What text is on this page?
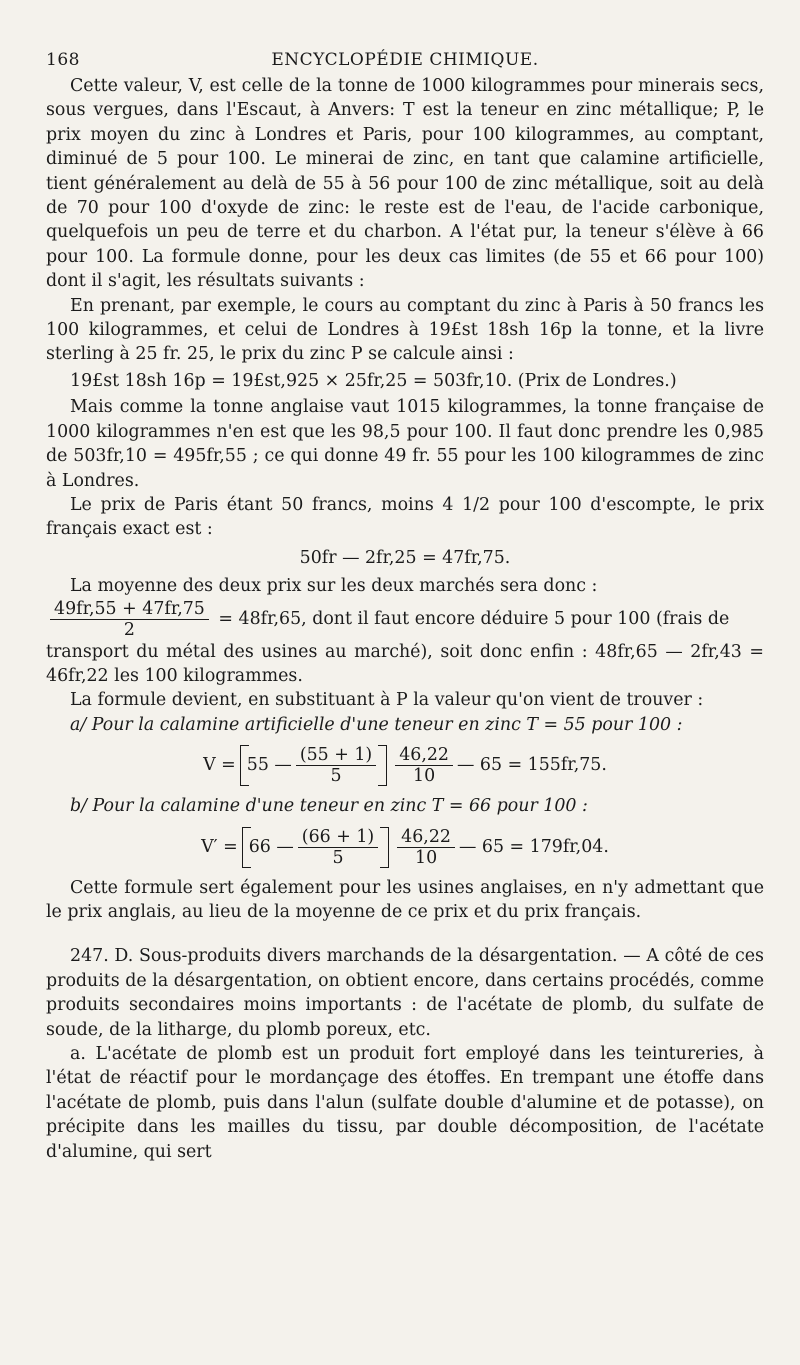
168	ENCYCLOPÉDIE CHIMIQUE.

Cette valeur, V, est celle de la tonne de 1000 kilogrammes pour minerais secs, sous vergues, dans l'Escaut, à Anvers: T est la teneur en zinc métallique; P, le prix moyen du zinc à Londres et Paris, pour 100 kilogrammes, au comptant, diminué de 5 pour 100. Le minerai de zinc, en tant que calamine artificielle, tient généralement au delà de 55 à 56 pour 100 de zinc métallique, soit au delà de 70 pour 100 d'oxyde de zinc: le reste est de l'eau, de l'acide carbonique, quelquefois un peu de terre et du charbon. A l'état pur, la teneur s'élève à 66 pour 100. La formule donne, pour les deux cas limites (de 55 et 66 pour 100) dont il s'agit, les résultats suivants :

En prenant, par exemple, le cours au comptant du zinc à Paris à 50 francs les 100 kilogrammes, et celui de Londres à 19£st 18sh 16p la tonne, et la livre sterling à 25 fr. 25, le prix du zinc P se calcule ainsi :

19£st 18sh 16p = 19£st,925 × 25fr,25 = 503fr,10. (Prix de Londres.)

Mais comme la tonne anglaise vaut 1015 kilogrammes, la tonne française de 1000 kilogrammes n'en est que les 98,5 pour 100. Il faut donc prendre les 0,985 de 503fr,10 = 495fr,55 ; ce qui donne 49 fr. 55 pour les 100 kilogrammes de zinc à Londres.

Le prix de Paris étant 50 francs, moins 4 1/2 pour 100 d'escompte, le prix français exact est :

50fr — 2fr,25 = 47fr,75.

La moyenne des deux prix sur les deux marchés sera donc :

$\frac{49fr,55 + 47fr,75}{2} = 48fr,65$, dont il faut encore déduire 5 pour 100 (frais de

transport du métal des usines au marché), soit donc enfin : 48fr,65 — 2fr,43 = 46fr,22 les 100 kilogrammes.

La formule devient, en substituant à P la valeur qu'on vient de trouver :

a/ Pour la calamine artificielle d'une teneur en zinc T = 55 pour 100 :

V = 55 — $\frac{(55 + 1)}{5} \frac{46,22}{10}$ — 65 = 155fr,75.

b/ Pour la calamine d'une teneur en zinc T = 66 pour 100 :

V′ = 66 — $\frac{(66 + 1)}{5} \frac{46,22}{10}$ — 65 = 179fr,04.

Cette formule sert également pour les usines anglaises, en n'y admettant que le prix anglais, au lieu de la moyenne de ce prix et du prix français.

247. D. Sous-produits divers marchands de la désargentation. — A côté de ces produits de la désargentation, on obtient encore, dans certains procédés, comme produits secondaires moins importants : de l'acétate de plomb, du sulfate de soude, de la litharge, du plomb poreux, etc.

a. L'acétate de plomb est un produit fort employé dans les teintureries, à l'état de réactif pour le mordançage des étoffes. En trempant une étoffe dans l'acétate de plomb, puis dans l'alun (sulfate double d'alumine et de potasse), on précipite dans les mailles du tissu, par double décomposition, de l'acétate d'alumine, qui sert
